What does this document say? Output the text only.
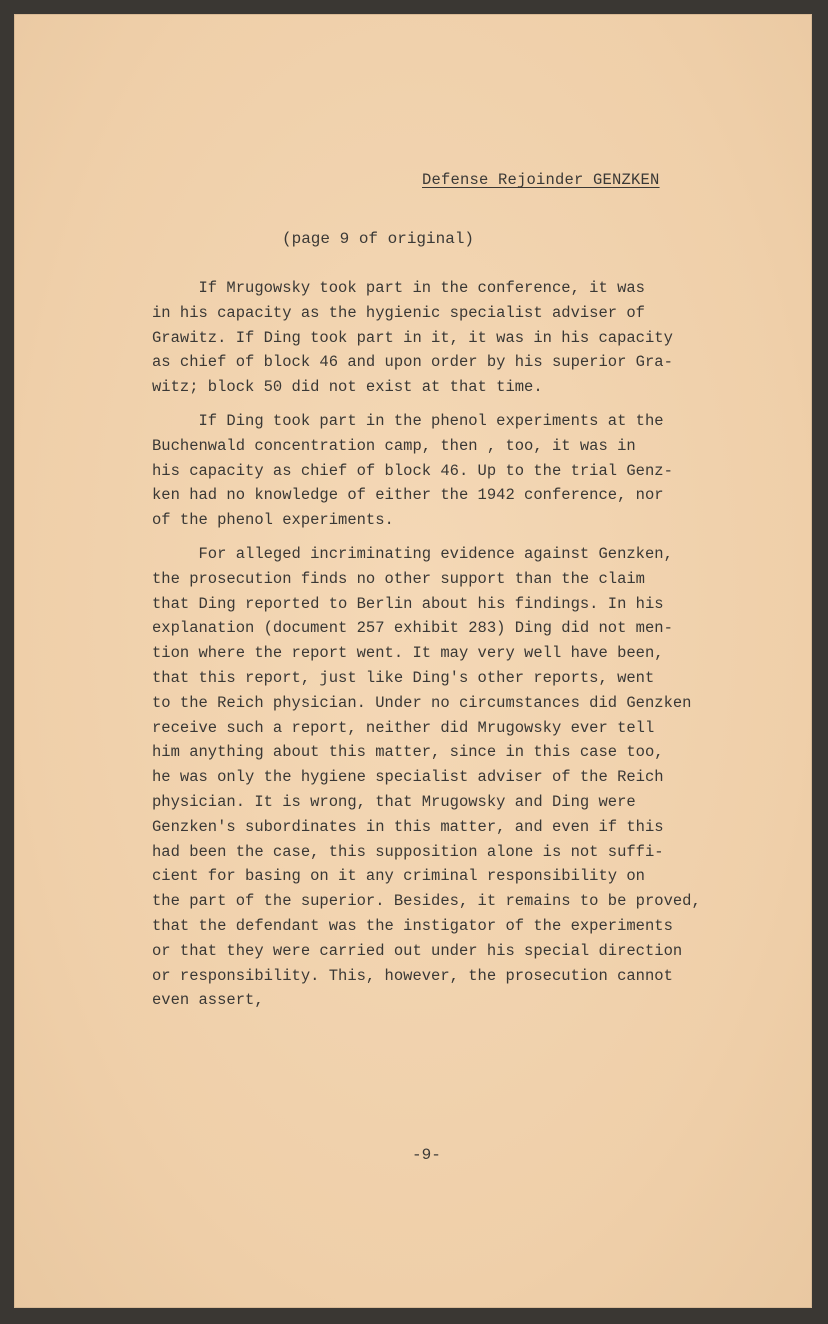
Defense Rejoinder GENZKEN
(page 9 of original)
If Mrugowsky took part in the conference, it was
in his capacity as the hygienic specialist adviser of
Grawitz. If Ding took part in it, it was in his capacity
as chief of block 46 and upon order by his superior Gra-
witz; block 50 did not exist at that time.
If Ding took part in the phenol experiments at the
Buchenwald concentration camp, then , too, it was in
his capacity as chief of block 46. Up to the trial Genz-
ken had no knowledge of either the 1942 conference, nor
of the phenol experiments.
For alleged incriminating evidence against Genzken,
the prosecution finds no other support than the claim
that Ding reported to Berlin about his findings. In his
explanation (document 257 exhibit 283) Ding did not men-
tion where the report went. It may very well have been,
that this report, just like Ding's other reports, went
to the Reich physician. Under no circumstances did Genzken
receive such a report, neither did Mrugowsky ever tell
him anything about this matter, since in this case too,
he was only the hygiene specialist adviser of the Reich
physician. It is wrong, that Mrugowsky and Ding were
Genzken's subordinates in this matter, and even if this
had been the case, this supposition alone is not suffi-
cient for basing on it any criminal responsibility on
the part of the superior. Besides, it remains to be proved,
that the defendant was the instigator of the experiments
or that they were carried out under his special direction
or responsibility. This, however, the prosecution cannot
even assert,
-9-
